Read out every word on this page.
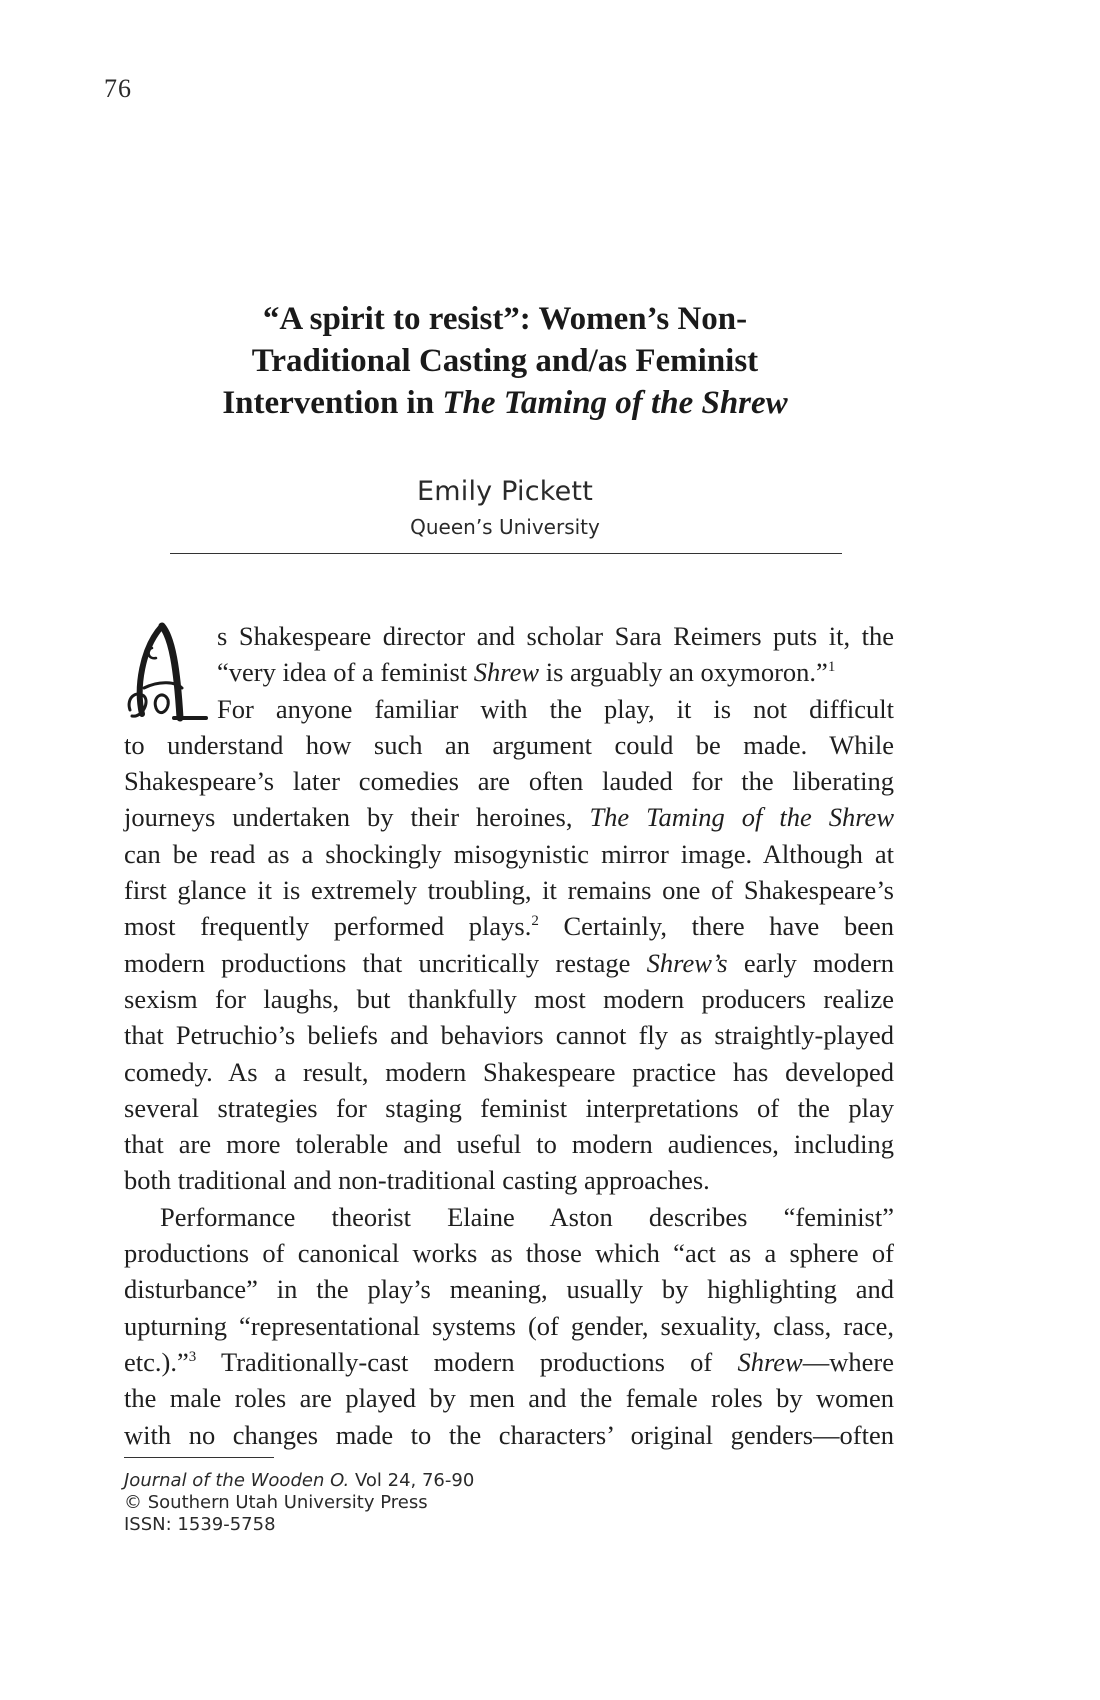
76
“A spirit to resist”: Women’s Non-
Traditional Casting and/as Feminist
Intervention in The Taming of the Shrew
Emily Pickett
Queen’s University
s Shakespeare director and scholar Sara Reimers puts it, the
“very idea of a feminist Shrew is arguably an oxymoron.”$^1$
For anyone familiar with the play, it is not difficult
to understand how such an argument could be made. While
Shakespeare’s later comedies are often lauded for the liberating
journeys undertaken by their heroines, The Taming of the Shrew
can be read as a shockingly misogynistic mirror image. Although at
first glance it is extremely troubling, it remains one of Shakespeare’s
most frequently performed plays.$^2$ Certainly, there have been
modern productions that uncritically restage Shrew’s early modern
sexism for laughs, but thankfully most modern producers realize
that Petruchio’s beliefs and behaviors cannot fly as straightly-played
comedy. As a result, modern Shakespeare practice has developed
several strategies for staging feminist interpretations of the play
that are more tolerable and useful to modern audiences, including
both traditional and non-traditional casting approaches.
Performance theorist Elaine Aston describes “feminist”
productions of canonical works as those which “act as a sphere of
disturbance” in the play’s meaning, usually by highlighting and
upturning “representational systems (of gender, sexuality, class, race,
etc.).”$^3$ Traditionally-cast modern productions of Shrew—where
the male roles are played by men and the female roles by women
with no changes made to the characters’ original genders—often
Journal of the Wooden O. Vol 24, 76-90
© Southern Utah University Press
ISSN: 1539-5758
